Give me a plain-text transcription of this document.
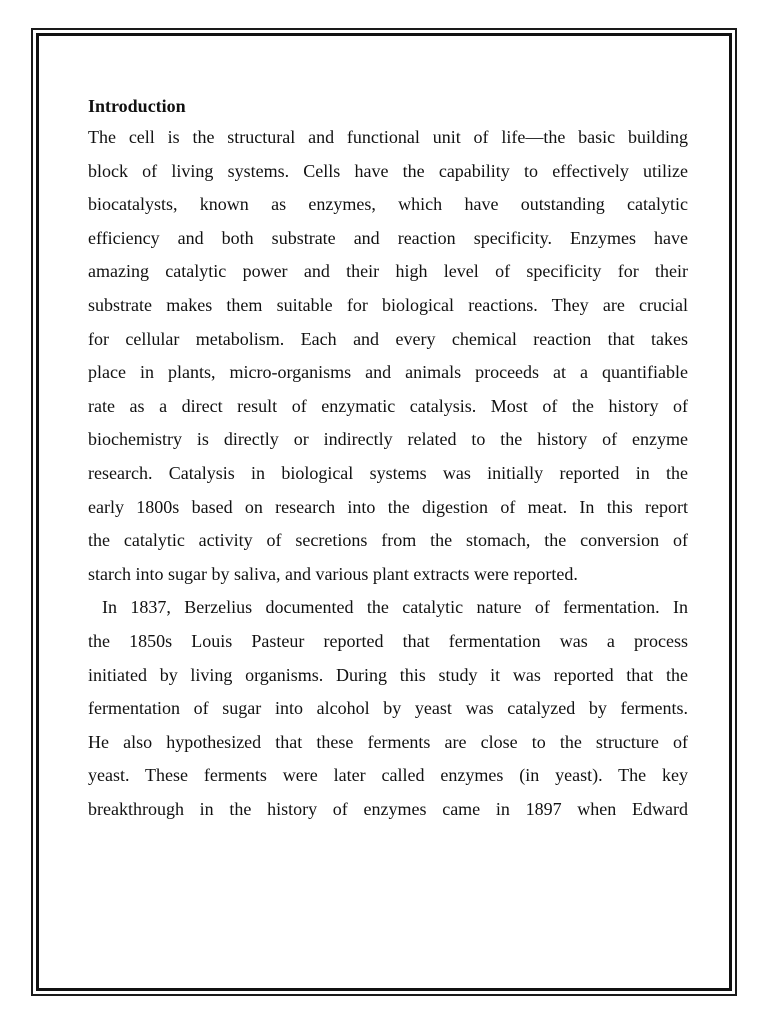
Introduction
The cell is the structural and functional unit of life—the basic building
block of living systems. Cells have the capability to effectively utilize
biocatalysts, known as enzymes, which have outstanding catalytic
efficiency and both substrate and reaction specificity. Enzymes have
amazing catalytic power and their high level of specificity for their
substrate makes them suitable for biological reactions. They are crucial
for cellular metabolism. Each and every chemical reaction that takes
place in plants, micro-organisms and animals proceeds at a quantifiable
rate as a direct result of enzymatic catalysis. Most of the history of
biochemistry is directly or indirectly related to the history of enzyme
research. Catalysis in biological systems was initially reported in the
early 1800s based on research into the digestion of meat. In this report
the catalytic activity of secretions from the stomach, the conversion of
starch into sugar by saliva, and various plant extracts were reported.
In 1837, Berzelius documented the catalytic nature of fermentation. In
the 1850s Louis Pasteur reported that fermentation was a process
initiated by living organisms. During this study it was reported that the
fermentation of sugar into alcohol by yeast was catalyzed by ferments.
He also hypothesized that these ferments are close to the structure of
yeast. These ferments were later called enzymes (in yeast). The key
breakthrough in the history of enzymes came in 1897 when Edward
